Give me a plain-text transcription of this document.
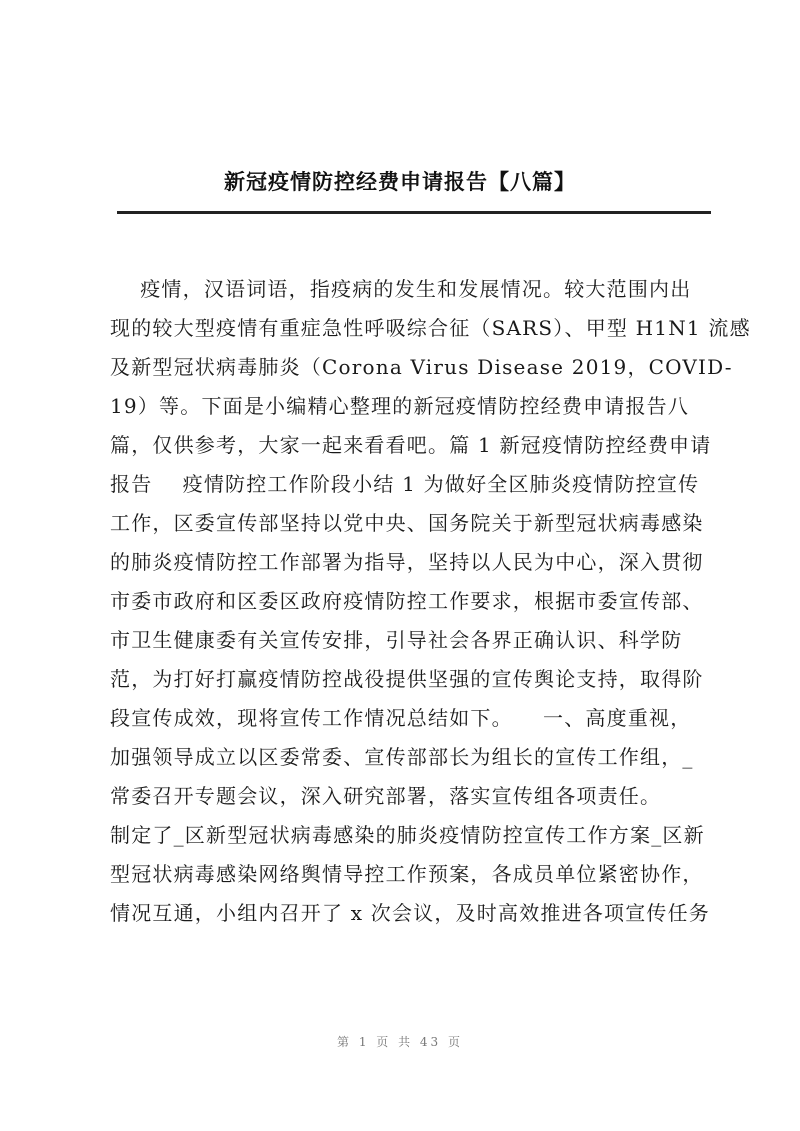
新冠疫情防控经费申请报告【八篇】
疫情，汉语词语，指疫病的发生和发展情况。较大范围内出
现的较大型疫情有重症急性呼吸综合征（SARS）、甲型 H1N1 流感
及新型冠状病毒肺炎（Corona Virus Disease 2019，COVID-
19）等。下面是小编精心整理的新冠疫情防控经费申请报告八
篇，仅供参考，大家一起来看看吧。篇 1 新冠疫情防控经费申请
报告    疫情防控工作阶段小结 1 为做好全区肺炎疫情防控宣传
工作，区委宣传部坚持以党中央、国务院关于新型冠状病毒感染
的肺炎疫情防控工作部署为指导，坚持以人民为中心，深入贯彻
市委市政府和区委区政府疫情防控工作要求，根据市委宣传部、
市卫生健康委有关宣传安排，引导社会各界正确认识、科学防
范，为打好打赢疫情防控战役提供坚强的宣传舆论支持，取得阶
段宣传成效，现将宣传工作情况总结如下。    一、高度重视，
加强领导成立以区委常委、宣传部部长为组长的宣传工作组，_
常委召开专题会议，深入研究部署，落实宣传组各项责任。
制定了_区新型冠状病毒感染的肺炎疫情防控宣传工作方案_区新
型冠状病毒感染网络舆情导控工作预案，各成员单位紧密协作，
情况互通，小组内召开了 x 次会议，及时高效推进各项宣传任务
第 1 页 共 43 页
